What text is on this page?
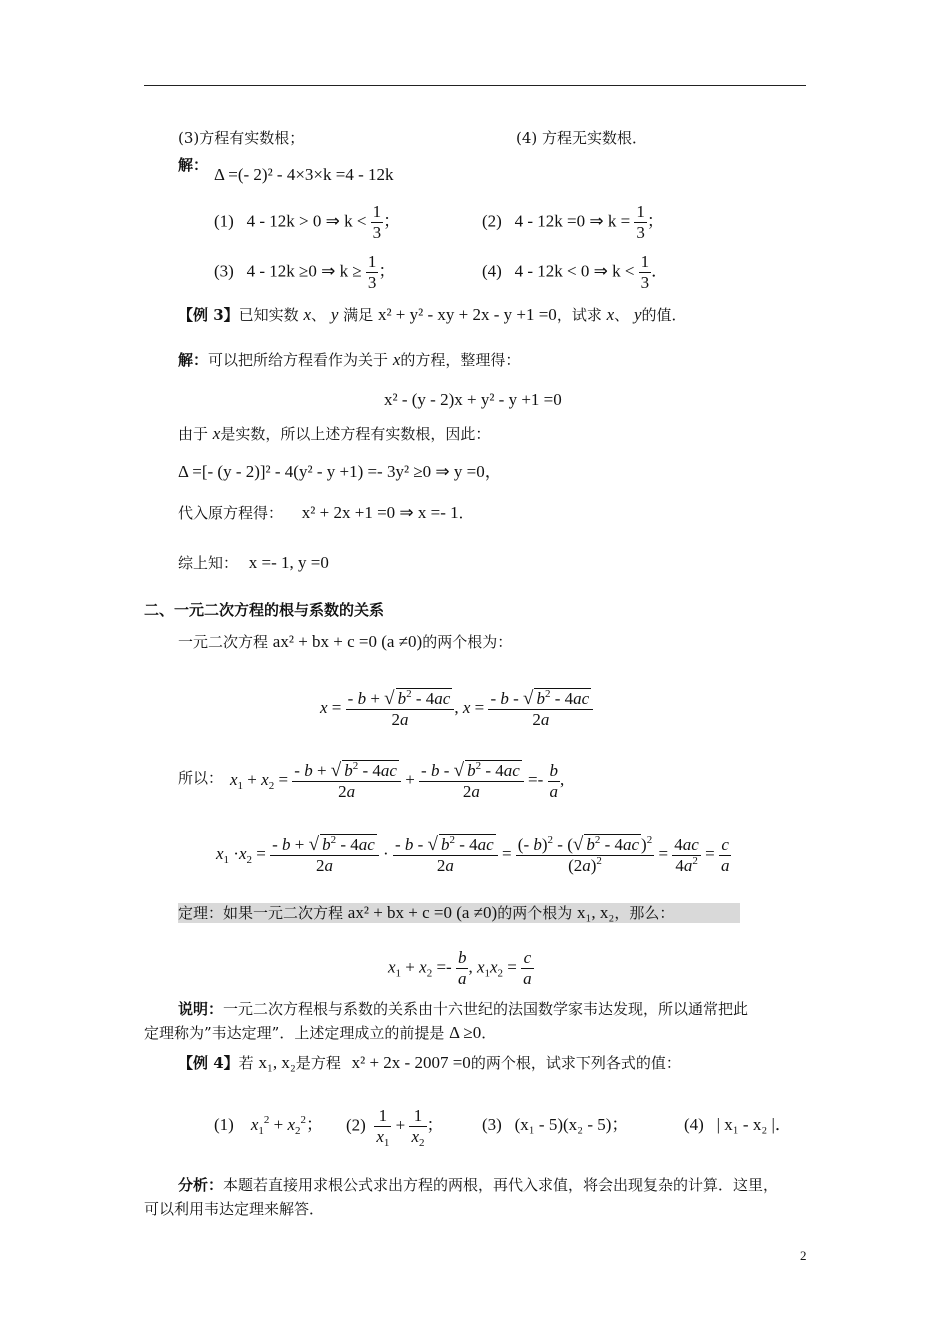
(3)方程有实数根；	(4) 方程无实数根．
解： Δ =(- 2)² - 4×3×k =4 - 12k
(1) 4 - 12k > 0 ⇒ $k < \frac{1}{3}$ ；	(2) 4 - 12k =0 ⇒ $k = \frac{1}{3}$ ；
(3) 4 - 12k ≥0 ⇒ $k \ge \frac{1}{3}$ ；	(4) 4 - 12k < 0 ⇒ $k < \frac{1}{3}$ ．
【例 3】已知实数 x、 y 满足 x² + y² - xy + 2x - y +1 =0，试求 x、 y的值．
解：可以把所给方程看作为关于 x的方程，整理得：
x² - (y - 2)x + y² - y +1 =0
由于 x是实数，所以上述方程有实数根，因此：
Δ =[- (y - 2)]² - 4(y² - y +1) =- 3y² ≥0 ⇒ y =0，
代入原方程得： x² + 2x +1 =0 ⇒ x =- 1．
综上知： x =- 1, y =0
二、一元二次方程的根与系数的关系
一元二次方程 ax² + bx + c =0 (a ≠0)的两个根为：
$x = \frac{- b + √ b^2 - 4ac}{2a}$ , $x = \frac{- b - √ b^2 - 4ac}{2a}$
所以： $x_1 + x_2 = \frac{- b + √ b^2 - 4ac}{2a} + \frac{- b - √ b^2 - 4ac}{2a} =- \frac{b}{a}$ ,
$x_1 \cdot x_2 = \frac{- b + √ b^2 - 4ac}{2a} \cdot \frac{- b - √ b^2 - 4ac}{2a} = \frac{(- b)^2 - (√ b^2 - 4ac )^2}{(2a)^2} = \frac{4ac}{4a^2} = \frac{c}{a}$
定理：如果一元二次方程 ax² + bx + c =0 (a ≠0)的两个根为 x₁, x₂，那么：
$x_1 + x_2 =- \frac{b}{a}$ , $x_1x_2 = \frac{c}{a}$
说明：一元二次方程根与系数的关系由十六世纪的法国数学家韦达发现，所以通常把此
定理称为”韦达定理”．上述定理成立的前提是 Δ ≥0．
【例 4】若 x₁, x₂是方程 x² + 2x - 2007 =0的两个根，试求下列各式的值：
(1) $x_1^2 + x_2^2$； $(2) \frac{1}{x_1} + \frac{1}{x_2}$ ； (3) (x₁ - 5)(x₂ - 5)；	(4) | x₁ - x₂ |．
分析：本题若直接用求根公式求出方程的两根，再代入求值，将会出现复杂的计算．这里，
可以利用韦达定理来解答．
2
